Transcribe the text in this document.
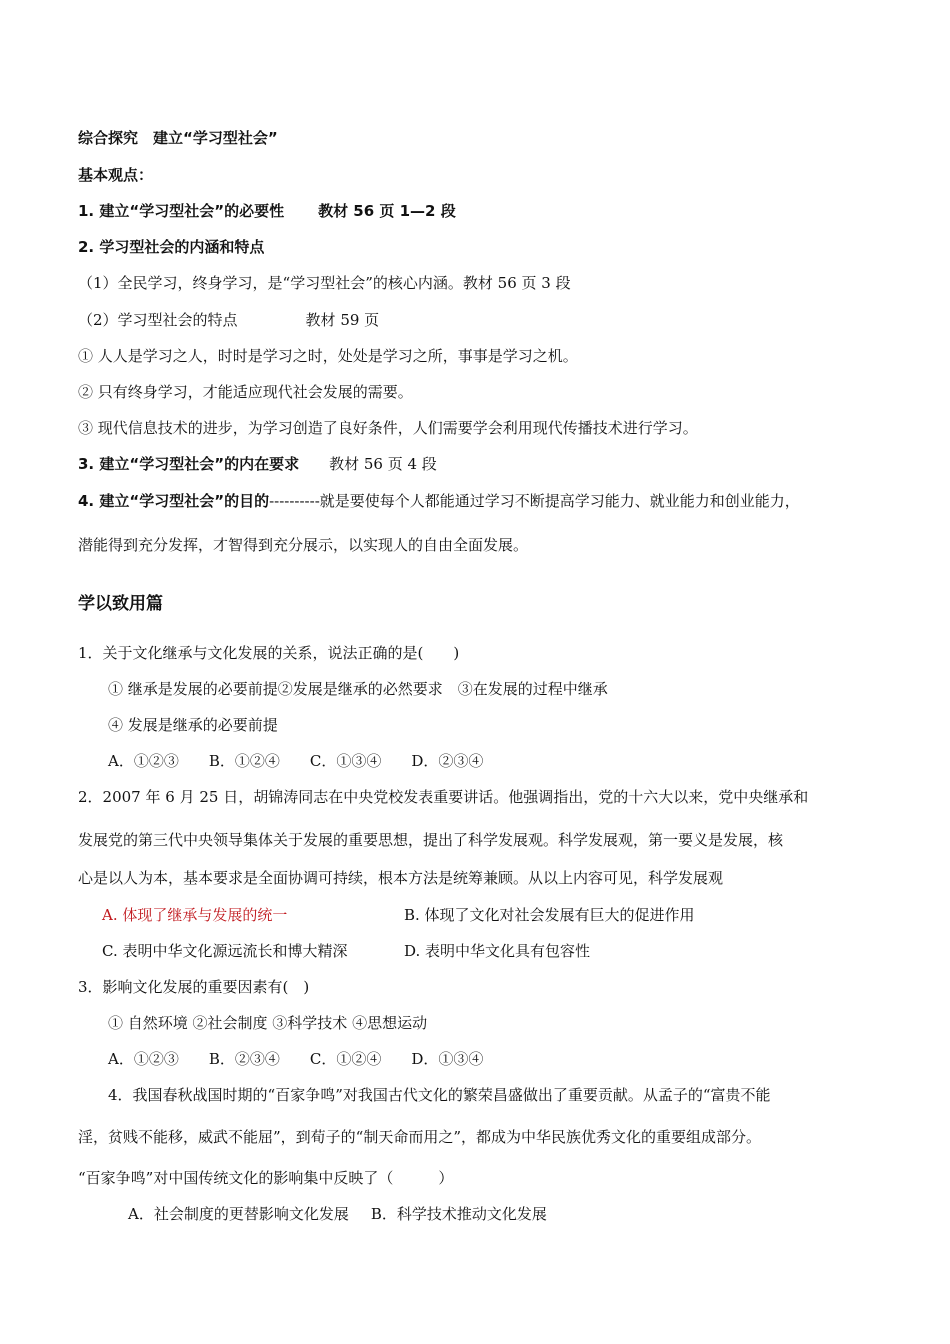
综合探究　建立“学习型社会”
基本观点：
1. 建立“学习型社会”的必要性 教材 56 页 1—2 段
2. 学习型社会的内涵和特点
（1）全民学习，终身学习，是“学习型社会”的核心内涵。教材 56 页 3 段
（2）学习型社会的特点	教材 59 页
① 人人是学习之人，时时是学习之时，处处是学习之所，事事是学习之机。
② 只有终身学习，才能适应现代社会发展的需要。
③ 现代信息技术的进步，为学习创造了良好条件，人们需要学会利用现代传播技术进行学习。
3. 建立“学习型社会”的内在要求 教材 56 页 4 段
4. 建立“学习型社会”的目的----------就是要使每个人都能通过学习不断提高学习能力、就业能力和创业能力，
潜能得到充分发挥，才智得到充分展示，以实现人的自由全面发展。
学以致用篇
1．关于文化继承与文化发展的关系，说法正确的是(　　)
① 继承是发展的必要前提②发展是继承的必然要求　③在发展的过程中继承
④ 发展是继承的必要前提
A．①②③　　B．①②④　　C．①③④　　D．②③④
2．2007 年 6 月 25 日，胡锦涛同志在中央党校发表重要讲话。他强调指出，党的十六大以来，党中央继承和
发展党的第三代中央领导集体关于发展的重要思想，提出了科学发展观。科学发展观，第一要义是发展，核
心是以人为本，基本要求是全面协调可持续，根本方法是统筹兼顾。从以上内容可见，科学发展观
A. 体现了继承与发展的统一	B. 体现了文化对社会发展有巨大的促进作用
C. 表明中华文化源远流长和博大精深	D. 表明中华文化具有包容性
3．影响文化发展的重要因素有(　)
① 自然环境 ②社会制度 ③科学技术 ④思想运动
A．①②③　　B．②③④　　C．①②④　　D．①③④
4．我国春秋战国时期的“百家争鸣”对我国古代文化的繁荣昌盛做出了重要贡献。从孟子的“富贵不能
淫，贫贱不能移，威武不能屈”，到荀子的“制天命而用之”，都成为中华民族优秀文化的重要组成部分。
“百家争鸣”对中国传统文化的影响集中反映了（　　　）
A．社会制度的更替影响文化发展 B．科学技术推动文化发展
